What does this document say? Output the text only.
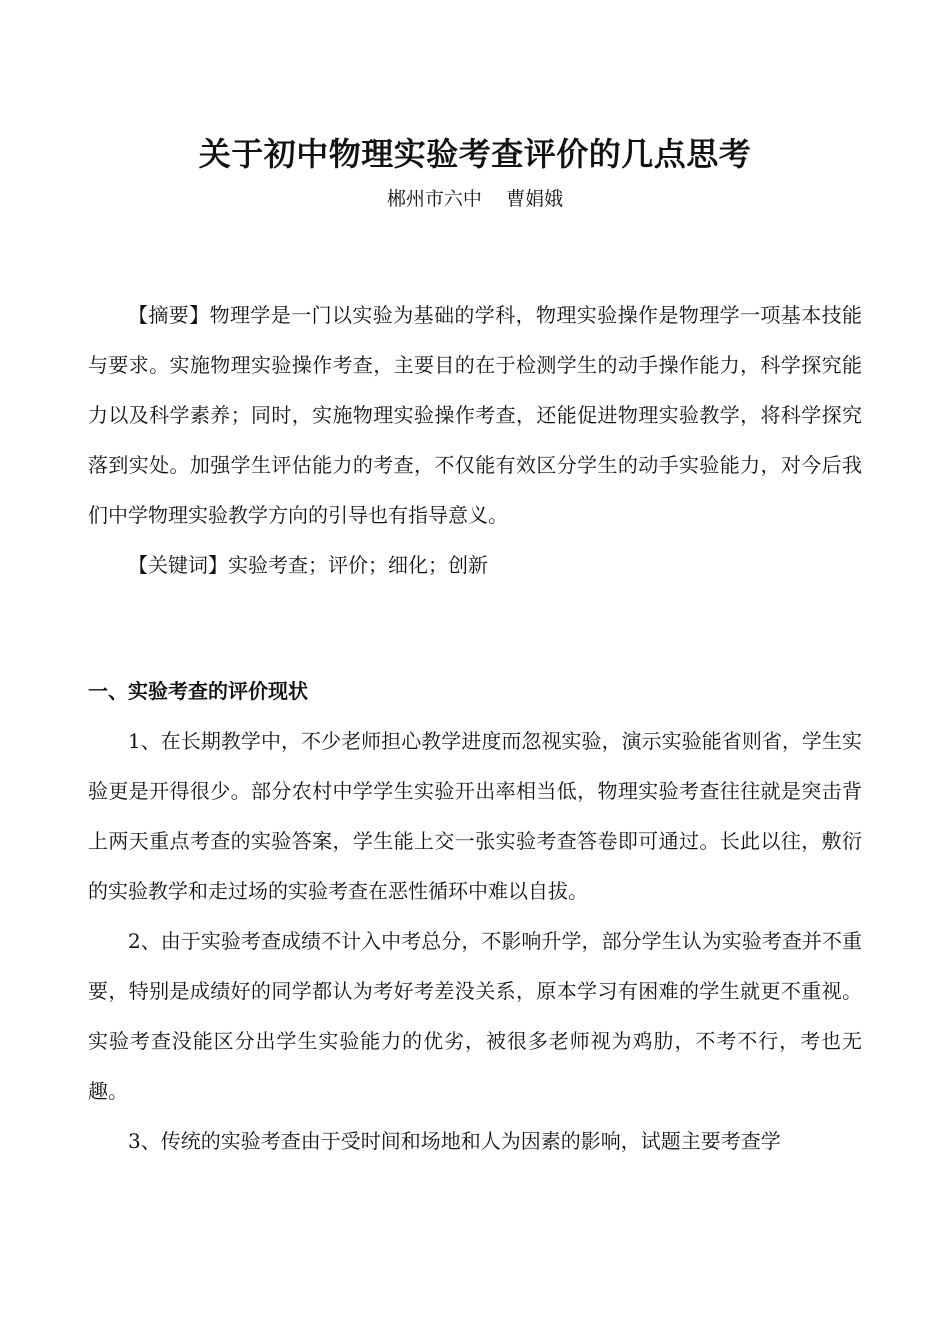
关于初中物理实验考查评价的几点思考
郴州市六中    曹娟娥

【摘要】物理学是一门以实验为基础的学科，物理实验操作是物理学一项基本技能与要求。实施物理实验操作考查，主要目的在于检测学生的动手操作能力，科学探究能力以及科学素养；同时，实施物理实验操作考查，还能促进物理实验教学，将科学探究落到实处。加强学生评估能力的考查，不仅能有效区分学生的动手实验能力，对今后我们中学物理实验教学方向的引导也有指导意义。

【关键词】实验考查；评价；细化；创新

一、实验考查的评价现状

1、在长期教学中，不少老师担心教学进度而忽视实验，演示实验能省则省，学生实验更是开得很少。部分农村中学学生实验开出率相当低，物理实验考查往往就是突击背上两天重点考查的实验答案，学生能上交一张实验考查答卷即可通过。长此以往，敷衍的实验教学和走过场的实验考查在恶性循环中难以自拔。

2、由于实验考查成绩不计入中考总分，不影响升学，部分学生认为实验考查并不重要，特别是成绩好的同学都认为考好考差没关系，原本学习有困难的学生就更不重视。实验考查没能区分出学生实验能力的优劣，被很多老师视为鸡肋，不考不行，考也无趣。

3、传统的实验考查由于受时间和场地和人为因素的影响，试题主要考查学
